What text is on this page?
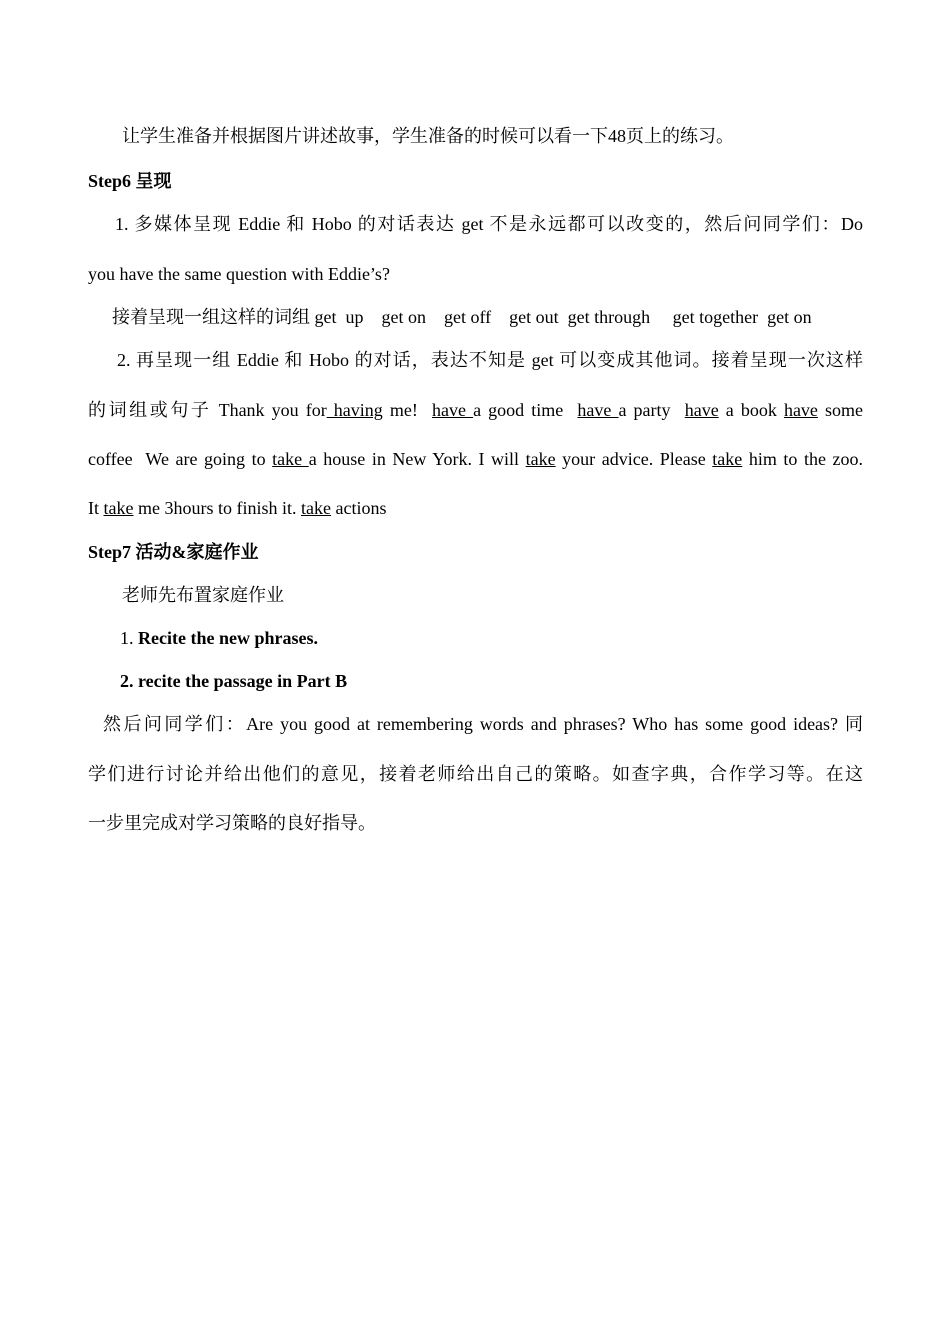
让学生准备并根据图片讲述故事，学生准备的时候可以看一下48页上的练习。
Step6 呈现
1. 多媒体呈现 Eddie 和 Hobo 的对话表达 get 不是永远都可以改变的，然后问同学们：Do
you have the same question with Eddie’s?
接着呈现一组这样的词组 get  up    get on    get off    get out  get through     get together  get on
2. 再呈现一组 Eddie 和 Hobo 的对话，表达不知是 get 可以变成其他词。接着呈现一次这样
的词组或句子 Thank you for having me!  have a good time  have a party  have a book have some
coffee  We are going to take a house in New York. I will take your advice. Please take him to the zoo.
It take me 3hours to finish it. take actions
Step7 活动&家庭作业
老师先布置家庭作业
1. Recite the new phrases.
2. recite the passage in Part B
然后问同学们：Are you good at remembering words and phrases? Who has some good ideas? 同
学们进行讨论并给出他们的意见，接着老师给出自己的策略。如查字典，合作学习等。在这
一步里完成对学习策略的良好指导。
